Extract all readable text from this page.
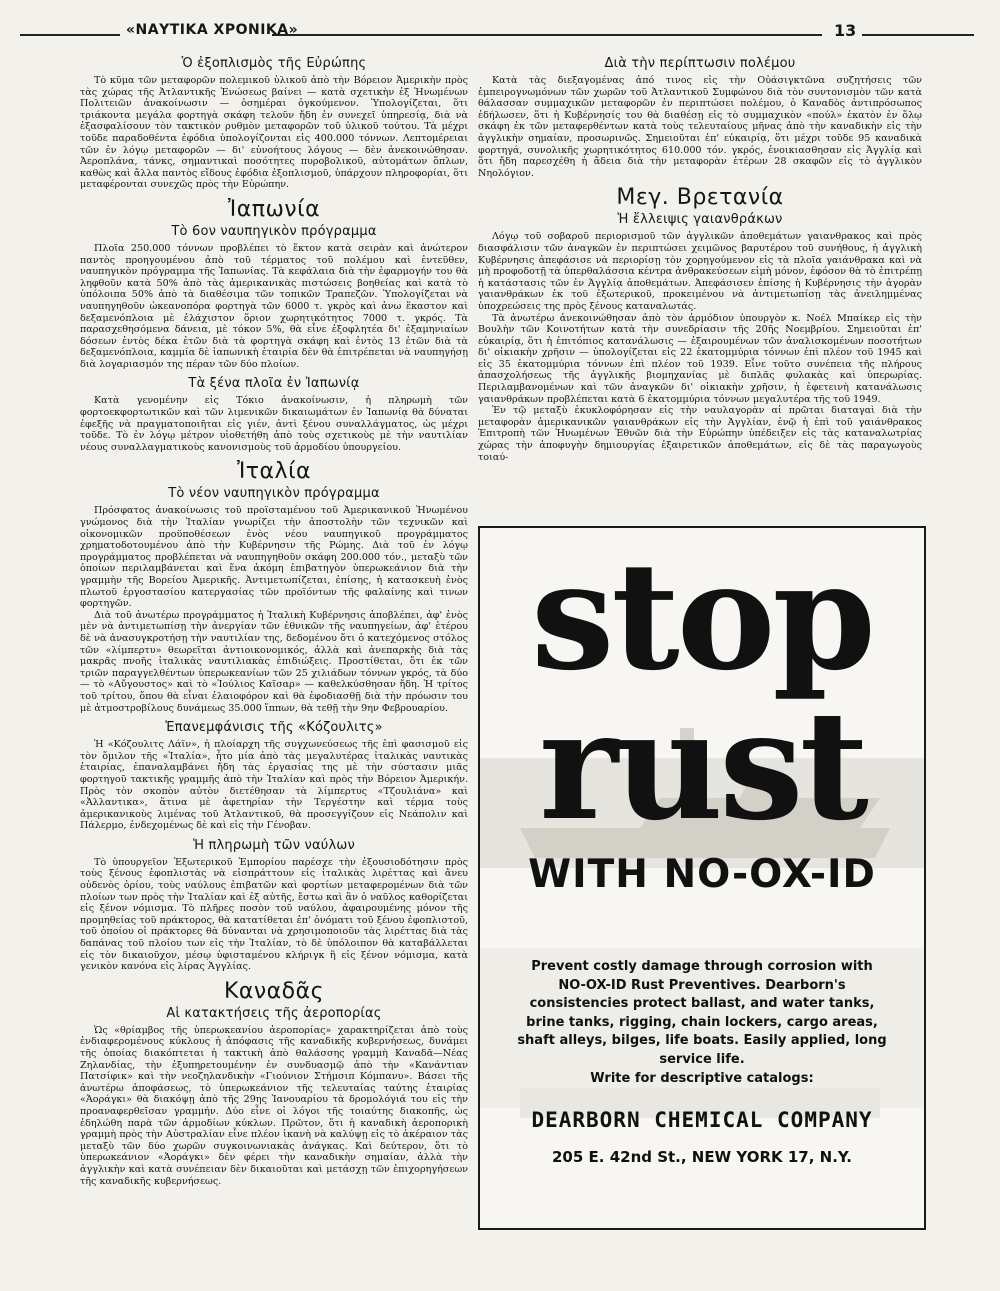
«ΝΑΥΤΙΚΑ ΧΡΟΝΙΚΑ»	13
Ὁ ἐξοπλισμὸς τῆς Εὐρώπης

Τὸ κῦμα τῶν μεταφορῶν πολεμικοῦ ὑλικοῦ ἀπὸ τὴν Βόρειον Ἀμερικὴν πρὸς τὰς χώρας τῆς Ἀτλαντικῆς Ἑνώσεως βαίνει — κατὰ σχετικὴν ἐξ Ἡνωμένων Πολιτειῶν ἀνακοίνωσιν — ὁσημέραι ὀγκούμενον. Ὑπολογίζεται, ὅτι τριάκοντα μεγάλα φορτηγὰ σκάφη τελοῦν ἤδη ἐν συνεχεῖ ὑπηρεσίᾳ, διὰ νὰ ἐξασφαλίσουν τὸν τακτικὸν ρυθμὸν μεταφορῶν τοῦ ὑλικοῦ τούτου. Τὰ μέχρι τοῦδε παραδοθέντα ἐφόδια ὑπολογίζονται εἰς 400.000 τόννων. Λεπτομέρειαι τῶν ἐν λόγῳ μεταφορῶν — δι' εὐνοήτους λόγους — δὲν ἀνεκοινώθησαν. Ἀεροπλάνα, τάνκς, σημαντικαὶ ποσότητες πυροβολικοῦ, αὐτομάτων ὅπλων, καθὼς καὶ ἄλλα παντὸς εἴδους ἐφόδια ἐξοπλισμοῦ, ὑπάρχουν πληροφορίαι, ὅτι μεταφέρονται συνεχῶς πρὸς τὴν Εὐρώπην.

Ἰαπωνία
Τὸ 6ον ναυπηγικὸν πρόγραμμα

Πλοῖα 250.000 τόννων προβλέπει τὸ ἕκτον κατὰ σειρὰν καὶ ἀνώτερον παντὸς προηγουμένου ἀπὸ τοῦ τέρματος τοῦ πολέμου καὶ ἐντεῦθεν, ναυπηγικὸν πρόγραμμα τῆς Ἰαπωνίας. Τὰ κεφάλαια διὰ τὴν ἐφαρμογήν του θὰ ληφθοῦν κατὰ 50% ἀπὸ τὰς ἀμερικανικὰς πιστώσεις βοηθείας καὶ κατὰ τὸ ὑπόλοιπα 50% ἀπὸ τὰ διαθέσιμα τῶν τοπικῶν Τραπεζῶν. Ὑπολογίζεται νὰ ναυπηγηθοῦν ὠκεανοπόρα φορτηγὰ τῶν 6000 τ. γκρὸς καὶ ἀνω ἕκαστον καὶ δεξαμενόπλοια μὲ ἐλάχιστον ὅριον χωρητικότητος 7000 τ. γκρός. Τὰ παρασχεθησόμενα δάνεια, μὲ τόκον 5%, θὰ εἶνε ἐξοφλητέα δι' ἑξαμηνιαίων δόσεων ἐντὸς δέκα ἐτῶν διὰ τὰ φορτηγὰ σκάφη καὶ ἐντὸς 13 ἐτῶν διὰ τὰ δεξαμενόπλοια, καμμία δὲ ἰαπωνικὴ ἑταιρία δὲν θὰ ἐπιτρέπεται νὰ ναυπηγήσῃ διὰ λογαριασμόν της πέραν τῶν δύο πλοίων.

Τὰ ξένα πλοῖα ἐν Ἰαπωνίᾳ

Κατὰ γενομένην εἰς Τόκιο ἀνακοίνωσιν, ἡ πληρωμὴ τῶν φορτοεκφορτωτικῶν καὶ τῶν λιμενικῶν δικαιωμάτων ἐν Ἰαπωνίᾳ θὰ δύναται ἐφεξῆς νὰ πραγματοποιῆται εἰς γιέν, ἀντὶ ξένου συναλλάγματος, ὡς μέχρι τοῦδε. Τὸ ἐν λόγῳ μέτρον υἱοθετήθη ἀπὸ τοὺς σχετικοὺς μὲ τὴν ναυτιλίαν νέους συναλλαγματικοὺς κανονισμοὺς τοῦ ἁρμοδίου ὑπουργείου.

Ἰταλία
Τὸ νέον ναυπηγικὸν πρόγραμμα

Πρόσφατος ἀνακοίνωσις τοῦ προϊσταμένου τοῦ Ἀμερικανικοῦ Ἠνωμένου γνώμονος διὰ τὴν Ἰταλίαν γνωρίζει τὴν ἀποστολὴν τῶν τεχνικῶν καὶ οἰκονομικῶν προϋποθέσεων ἑνὸς νέου ναυπηγικοῦ προγράμματος χρηματοδοτουμένου ἀπὸ τὴν Κυβέρνησιν τῆς Ρώμης. Διὰ τοῦ ἐν λόγῳ προγράμματος προβλέπεται νὰ ναυπηγηθοῦν σκάφη 200.000 τόν., μεταξὺ τῶν ὁποίων περιλαμβάνεται καὶ ἕνα ἀκόμη ἐπιβατηγὸν ὑπερωκεάνιον διὰ τὴν γραμμὴν τῆς Βορείου Ἀμερικῆς. Ἀντιμετωπίζεται, ἐπίσης, ἡ κατασκευὴ ἑνὸς πλωτοῦ ἐργοστασίου κατεργασίας τῶν προϊόντων τῆς φαλαίνης καὶ τινων φορτηγῶν.

Διὰ τοῦ ἀνωτέρω προγράμματος ἡ Ἰταλικὴ Κυβέρνησις ἀποβλέπει, ἀφ' ἑνὸς μὲν νὰ ἀντιμετωπίσῃ τὴν ἀνεργίαν τῶν ἐθνικῶν τῆς ναυπηγείων, ἀφ' ἑτέρου δὲ νὰ ἀνασυγκροτήσῃ τὴν ναυτιλίαν της, δεδομένου ὅτι ὁ κατεχόμενος στόλος τῶν «λίμπερτυ» θεωρεῖται ἀντιοικονομικός, ἀλλὰ καὶ ἀνεπαρκὴς διὰ τὰς μακρᾶς πνοῆς ἰταλικὰς ναυτιλιακὰς ἐπιδιώξεις. Προστίθεται, ὅτι ἐκ τῶν τριῶν παραγγελθέντων ὑπερωκεανίων τῶν 25 χιλιάδων τόννων γκρός, τὰ δύο — τὸ «Αὔγουστος» καὶ τὸ «Ἰούλιος Καῖσαρ» — καθελκύσθησαν ἤδη. Ἡ τρίτος τοῦ τρίτου, ὅπου θὰ εἶναι ἐλαιοφόρον καὶ θὰ ἐφοδιασθῇ διὰ τὴν πρόωσιν του μὲ ἀτμοστροβίλους δυνάμεως 35.000 ἵππων, θὰ τεθῇ τὴν 9ην Φεβρουαρίου.

Ἐπανεμφάνισις τῆς «Κόζουλιτς»

Ἡ «Κόζουλιτς Λάϊν», ἡ πλοίαρχη τῆς συγχωνεύσεως τῆς ἐπὶ φασισμοῦ εἰς τὸν ὅμιλον τῆς «Ἰταλία», ἦτο μία ἀπὸ τὰς μεγαλυτέρας ἰταλικὰς ναυτικὰς ἑταιρίας, ἐπαναλαμβάνει ἤδη τὰς ἐργασίας της μὲ τὴν σύστασιν μιᾶς φορτηγοῦ τακτικῆς γραμμῆς ἀπὸ τὴν Ἰταλίαν καὶ πρὸς τὴν Βόρειον Ἀμερικήν. Πρὸς τὸν σκοπὸν αὐτὸν διετέθησαν τὰ λίμπερτυς «Τζουλιάνα» καὶ «Ἀλλαντικα», ἅτινα μὲ ἀφετηρίαν τὴν Τεργέστην καὶ τέρμα τοὺς ἀμερικανικοὺς λιμένας τοῦ Ἀτλαντικοῦ, θὰ προσεγγίζουν εἰς Νεάπολιν καὶ Πάλερμο, ἐνδεχομένως δὲ καὶ εἰς τὴν Γένοβαν.

Ἡ πληρωμὴ τῶν ναύλων

Τὸ ὑπουργεῖον Ἐξωτερικοῦ Ἐμπορίου παρέσχε τὴν ἐξουσιοδότησιν πρὸς τοὺς ξένους ἐφοπλιστὰς νὰ εἰσπράττουν εἰς ἰταλικὰς λιρέττας καὶ ἄνευ οὐδενὸς ὁρίου, τοὺς ναύλους ἐπιβατῶν καὶ φορτίων μεταφερομένων διὰ τῶν πλοίων των πρὸς τὴν Ἰταλίαν καὶ ἐξ αὐτῆς, ἔστω καὶ ἂν ὁ ναῦλος καθορίζεται εἰς ξένον νόμισμα. Τὸ πλῆρες ποσὸν τοῦ ναύλου, ἀφαιρουμένης μόνον τῆς προμηθείας τοῦ πράκτορος, θὰ κατατίθεται ἐπ' ὀνόματι τοῦ ξένου ἐφοπλιστοῦ, τοῦ ὁποίου οἱ πράκτορες θὰ δύνανται νὰ χρησιμοποιοῦν τὰς λιρέττας διὰ τὰς δαπάνας τοῦ πλοίου των εἰς τὴν Ἰταλίαν, τὸ δὲ ὑπόλοιπον θὰ καταβάλλεται εἰς τὸν δικαιοῦχον, μέσῳ ὑφισταμένου κλήριγκ ἢ εἰς ξένον νόμισμα, κατὰ γενικὸν κανόνα εἰς λίρας Ἀγγλίας.

Καναδᾶς
Αἱ κατακτήσεις τῆς ἀεροπορίας

Ὡς «θρίαμβος τῆς ὑπερωκεανίου ἀεροπορίας» χαρακτηρίζεται ἀπὸ τοὺς ἐνδιαφερομένους κύκλους ἡ ἀπόφασις τῆς καναδικῆς κυβερνήσεως, δυνάμει τῆς ὁποίας διακόπτεται ἡ τακτικὴ ἀπὸ θαλάσσης γραμμὴ Καναδᾶ—Νέας Ζηλανδίας, τὴν ἐξυπηρετουμένην ἐν συνδυασμῷ ἀπὸ τὴν «Κανάντιαν Πατσίφικ» καὶ τὴν νεοζηλανδικὴν «Γιούνιον Στήμσιπ Κόμπανυ». Βάσει τῆς ἀνωτέρω ἀποφάσεως, τὸ ὑπερωκεάνιον τῆς τελευταίας ταύτης ἑταιρίας «Ἀοράγκι» θὰ διακόψῃ ἀπὸ τῆς 29ης Ἰανουαρίου τὰ δρομολόγιά του εἰς τὴν προαναφερθεῖσαν γραμμήν. Δύο εἶνε οἱ λόγοι τῆς τοιαύτης διακοπῆς, ὡς ἐδηλώθη παρὰ τῶν ἁρμοδίων κύκλων. Πρῶτον, ὅτι ἡ καναδικὴ ἀεροπορικὴ γραμμὴ πρὸς τὴν Αὐστραλίαν εἶνε πλέον ἱκανὴ νὰ καλύψῃ εἰς τὸ ἀκέραιον τὰς μεταξὺ τῶν δύο χωρῶν συγκοινωνιακὰς ἀνάγκας. Καὶ δεύτερον, ὅτι τὸ ὑπερωκεάνιον «Ἀοράγκι» δὲν φέρει τὴν καναδικὴν σημαίαν, ἀλλὰ τὴν ἀγγλικὴν καὶ κατὰ συνέπειαν δὲν δικαιοῦται καὶ μετάσχῃ τῶν ἐπιχορηγήσεων τῆς καναδικῆς κυβερνήσεως.

Διὰ τὴν περίπτωσιν πολέμου

Κατὰ τὰς διεξαγομένας ἀπό τινος εἰς τὴν Οὐάσιγκτῶνα συζητήσεις τῶν ἐμπειρογνωμόνων τῶν χωρῶν τοῦ Ἀτλαντικοῦ Συμφώνου διὰ τὸν συντονισμὸν τῶν κατὰ θάλασσαν συμμαχικῶν μεταφορῶν ἐν περιπτώσει πολέμου, ὁ Καναδὸς ἀντιπρόσωπος ἐδήλωσεν, ὅτι ἡ Κυβέρνησίς του θὰ διαθέσῃ εἰς τὸ συμμαχικὸν «πούλ» ἑκατὸν ἐν ὅλῳ σκάφη ἐκ τῶν μεταφερθέντων κατὰ τοὺς τελευταίους μῆνας ἀπὸ τὴν καναδικὴν εἰς τὴν ἀγγλικὴν σημαίαν, προσωρινῶς. Σημειοῦται ἐπ' εὐκαιρίᾳ, ὅτι μέχρι τοῦδε 95 καναδικὰ φορτηγά, συνολικῆς χωρητικότητος 610.000 τόν. γκρός, ἐνοικιασθησαν εἰς Ἀγγλίᾳ καὶ ὅτι ἤδη παρεσχέθη ἡ ἄδεια διὰ τὴν μεταφορὰν ἑτέρων 28 σκαφῶν εἰς τὸ ἀγγλικὸν Νηολόγιον.

Μεγ. Βρετανία
Ἡ ἔλλειψις γαιανθράκων

Λόγῳ τοῦ σοβαροῦ περιορισμοῦ τῶν ἀγγλικῶν ἀποθεμάτων γαιανθρακος καὶ πρὸς διασφάλισιν τῶν ἀναγκῶν ἐν περιπτώσει χειμῶνος βαρυτέρου τοῦ συνήθους, ἡ ἀγγλικὴ Κυβέρνησις ἀπεφάσισε νὰ περιορίσῃ τὸν χορηγούμενον εἰς τὰ πλοῖα γαιάνθρακα καὶ νὰ μὴ προφοδοτῇ τὰ ὑπερθαλάσσια κέντρα ἀνθρακεύσεων εἰμὴ μόνον, ἐφόσον θὰ τὸ ἐπιτρέπῃ ἡ κατάστασις τῶν ἐν Ἀγγλίᾳ ἀποθεμάτων. Ἀπεφάσισεν ἐπίσης ἡ Κυβέρνησις τὴν ἀγορὰν γαιανθράκων ἐκ τοῦ ἐξωτερικοῦ, προκειμένου νὰ ἀντιμετωπίσῃ τὰς ἀνειλημμένας ὑποχρεώσεις της πρὸς ξένους καταναλωτάς.

Τὰ ἀνωτέρω ἀνεκοινώθησαν ἀπὸ τὸν ἁρμόδιον ὑπουργὸν κ. Νοέλ Μπαίκερ εἰς τὴν Βουλὴν τῶν Κοινοτήτων κατὰ τὴν συνεδρίασιν τῆς 20ῆς Νοεμβρίου. Σημειοῦται ἐπ' εὐκαιρίᾳ, ὅτι ἡ ἐπιτόπιος κατανάλωσις — ἐξαιρουμένων τῶν ἀναλισκομένων ποσοτήτων δι' οἰκιακὴν χρῆσιν — ὑπολογίζεται εἰς 22 ἑκατομμύρια τόννων ἐπὶ πλέον τοῦ 1945 καὶ εἰς 35 ἑκατομμύρια τόννων ἐπὶ πλέον τοῦ 1939. Εἶνε τοῦτο συνέπεια τῆς πλήρους ἀπασχολήσεως τῆς ἀγγλικῆς βιομηχανίας μὲ διπλᾶς φυλακὰς καὶ ὑπερωρίας. Περιλαμβανομένων καὶ τῶν ἀναγκῶν δι' οἰκιακὴν χρῆσιν, ἡ ἐφετεινὴ κατανάλωσις γαιανθράκων προβλέπεται κατὰ 6 ἑκατομμύρια τόννων μεγαλυτέρα τῆς τοῦ 1949.

Ἐν τῷ μεταξὺ ἐκυκλοφόρησαν εἰς τὴν ναυλαγορὰν αἱ πρῶται διαταγαὶ διὰ τὴν μεταφορὰν ἀμερικανικῶν γαιανθράκων εἰς τὴν Ἀγγλίαν, ἐνῷ ἡ ἐπὶ τοῦ γαιάνθρακος Ἐπιτροπὴ τῶν Ἡνωμένων Ἐθνῶν διὰ τὴν Εὐρώπην ὑπέδειξεν εἰς τὰς καταναλωτρίας χώρας τὴν ἀποφυγὴν δημιουργίας ἐξαιρετικῶν ἀποθεμάτων, εἰς δὲ τὰς παραγωγοὺς τοιαύ-

stop
rust
WITH NO-OX-ID
Prevent costly damage through corrosion with NO-OX-ID Rust Preventives. Dearborn's consistencies protect ballast, and water tanks, brine tanks, rigging, chain lockers, cargo areas, shaft alleys, bilges, life boats. Easily applied, long service life.
Write for descriptive catalogs:
DEARBORN CHEMICAL COMPANY
205 E. 42nd St., NEW YORK 17, N.Y.
